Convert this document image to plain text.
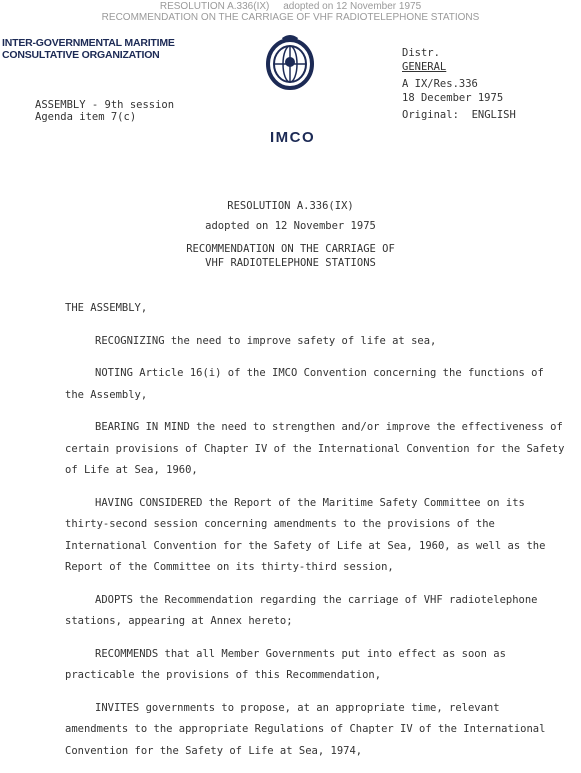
RESOLUTION A.336(IX)     adopted on 12 November 1975
RECOMMENDATION ON THE CARRIAGE OF VHF RADIOTELEPHONE STATIONS
INTER-GOVERNMENTAL MARITIME
CONSULTATIVE ORGANIZATION
ASSEMBLY - 9th session
Agenda item 7(c)
IMCO
Distr.
GENERAL
A IX/Res.336
18 December 1975
Original: ENGLISH
RESOLUTION A.336(IX)
adopted on 12 November 1975
RECOMMENDATION ON THE CARRIAGE OF
VHF RADIOTELEPHONE STATIONS

THE ASSEMBLY,

RECOGNIZING the need to improve safety of life at sea,

NOTING Article 16(i) of the IMCO Convention concerning the functions of the Assembly,

BEARING IN MIND the need to strengthen and/or improve the effectiveness of certain provisions of Chapter IV of the International Convention for the Safety of Life at Sea, 1960,

HAVING CONSIDERED the Report of the Maritime Safety Committee on its thirty-second session concerning amendments to the provisions of the International Convention for the Safety of Life at Sea, 1960, as well as the Report of the Committee on its thirty-third session,

ADOPTS the Recommendation regarding the carriage of VHF radiotelephone stations, appearing at Annex hereto;

RECOMMENDS that all Member Governments put into effect as soon as practicable the provisions of this Recommendation,

INVITES governments to propose, at an appropriate time, relevant amendments to the appropriate Regulations of Chapter IV of the International Convention for the Safety of Life at Sea, 1974,
